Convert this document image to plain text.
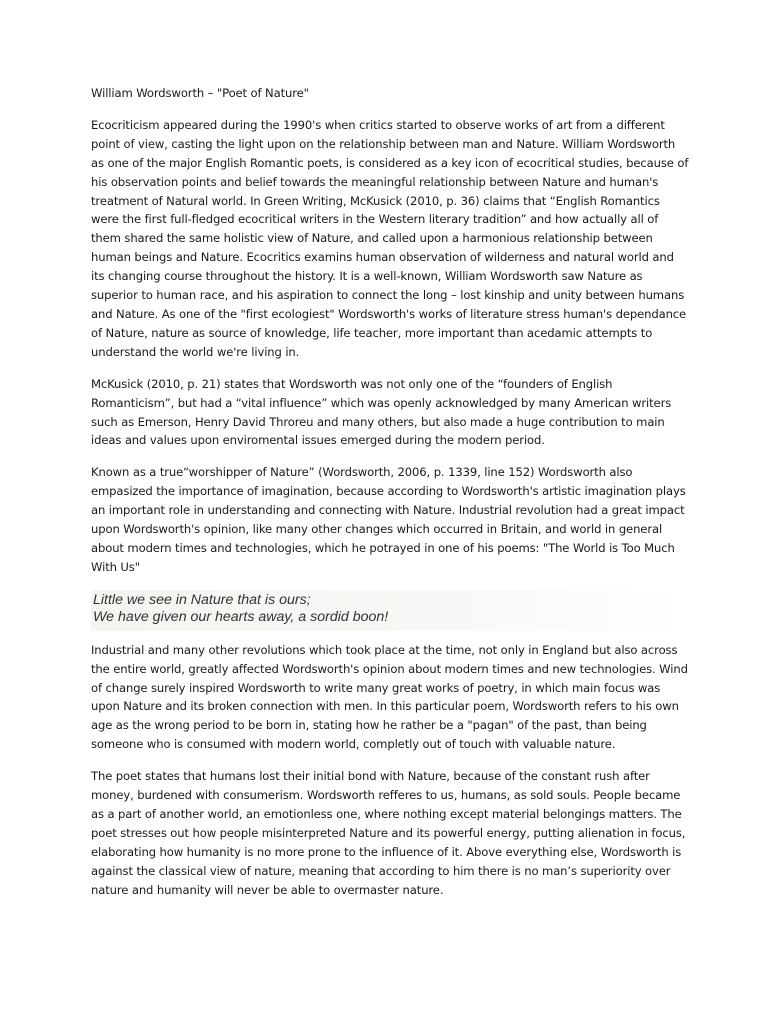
William Wordsworth – "Poet of Nature"

Ecocriticism appeared during the 1990's when critics started to observe works of art from a different point of view, casting the light upon on the relationship between man and Nature. William Wordsworth as one of the major English Romantic poets, is considered as a key icon of ecocritical studies, because of his observation points and belief towards the meaningful relationship between Nature and human's treatment of Natural world. In Green Writing, McKusick (2010, p. 36) claims that “English Romantics were the first full-fledged ecocritical writers in the Western literary tradition” and how actually all of them shared the same holistic view of Nature, and called upon a harmonious relationship between human beings and Nature. Ecocritics examins human observation of wilderness and natural world and its changing course throughout the history. It is a well-known, William Wordsworth saw Nature as superior to human race, and his aspiration to connect the long – lost kinship and unity between humans and Nature. As one of the "first ecologiest" Wordsworth's works of literature stress human's dependance of Nature, nature as source of knowledge, life teacher, more important than acedamic attempts to understand the world we're living in.

McKusick (2010, p. 21) states that Wordsworth was not only one of the “founders of English Romanticism”, but had a “vital influence” which was openly acknowledged by many American writers such as Emerson, Henry David Throreu and many others, but also made a huge contribution to main ideas and values upon enviromental issues emerged during the modern period.

Known as a true“worshipper of Nature” (Wordsworth, 2006, p. 1339, line 152) Wordsworth also empasized the importance of imagination, because according to Wordsworth's artistic imagination plays an important role in understanding and connecting with Nature. Industrial revolution had a great impact upon Wordsworth's opinion, like many other changes which occurred in Britain, and world in general about modern times and technologies, which he potrayed in one of his poems: "The World is Too Much With Us"

Little we see in Nature that is ours;
We have given our hearts away, a sordid boon!

Industrial and many other revolutions which took place at the time, not only in England but also across the entire world, greatly affected Wordsworth's opinion about modern times and new technologies. Wind of change surely inspired Wordsworth to write many great works of poetry, in which main focus was upon Nature and its broken connection with men. In this particular poem, Wordsworth refers to his own age as the wrong period to be born in, stating how he rather be a "pagan" of the past, than being someone who is consumed with modern world, completly out of touch with valuable nature.

The poet states that humans lost their initial bond with Nature, because of the constant rush after money, burdened with consumerism. Wordsworth refferes to us, humans, as sold souls. People became as a part of another world, an emotionless one, where nothing except material belongings matters. The poet stresses out how people misinterpreted Nature and its powerful energy, putting alienation in focus, elaborating how humanity is no more prone to the influence of it. Above everything else, Wordsworth is against the classical view of nature, meaning that according to him there is no man’s superiority over nature and humanity will never be able to overmaster nature.
